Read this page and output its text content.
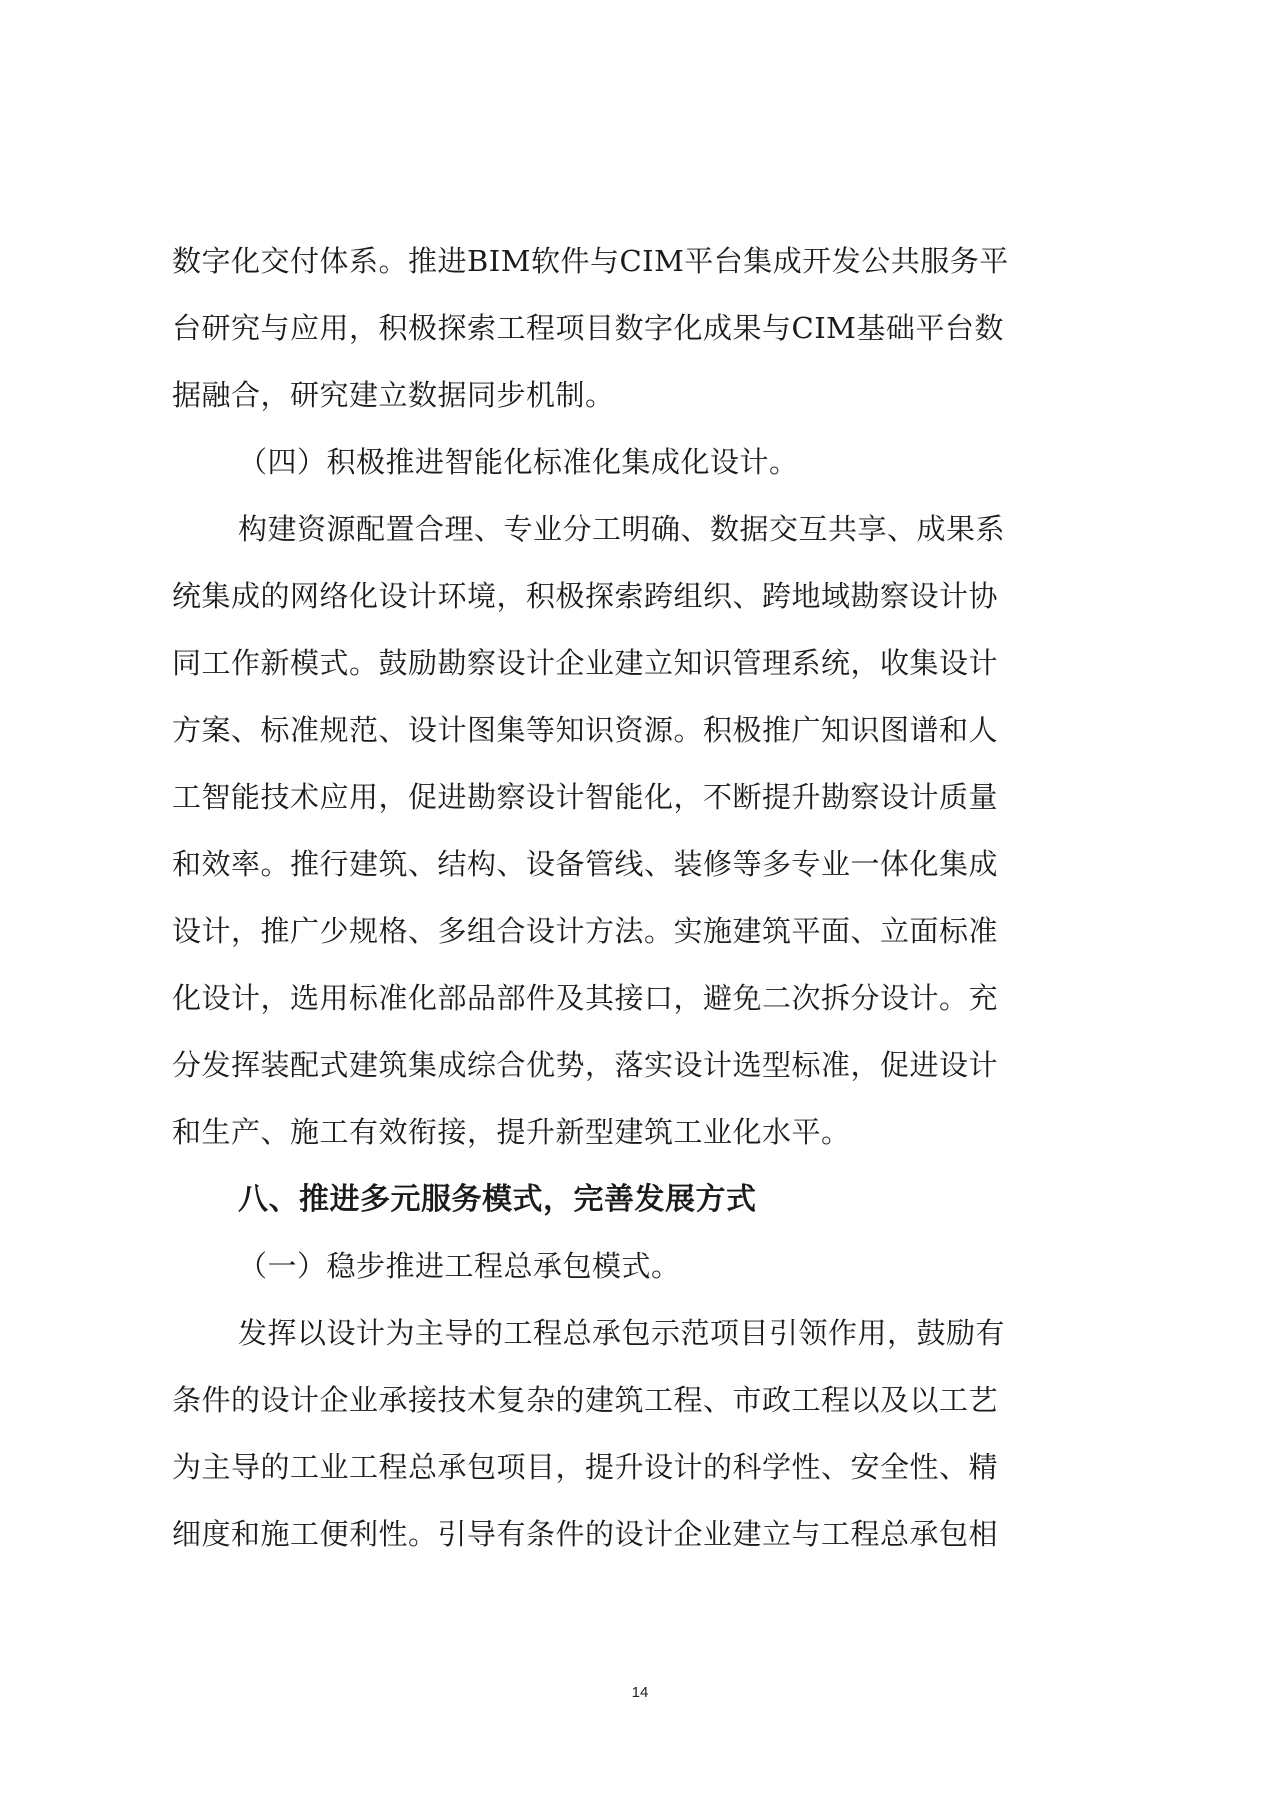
数字化交付体系。推进BIM软件与CIM平台集成开发公共服务平
台研究与应用，积极探索工程项目数字化成果与CIM基础平台数
据融合，研究建立数据同步机制。
（四）积极推进智能化标准化集成化设计。
构建资源配置合理、专业分工明确、数据交互共享、成果系
统集成的网络化设计环境，积极探索跨组织、跨地域勘察设计协
同工作新模式。鼓励勘察设计企业建立知识管理系统，收集设计
方案、标准规范、设计图集等知识资源。积极推广知识图谱和人
工智能技术应用，促进勘察设计智能化，不断提升勘察设计质量
和效率。推行建筑、结构、设备管线、装修等多专业一体化集成
设计，推广少规格、多组合设计方法。实施建筑平面、立面标准
化设计，选用标准化部品部件及其接口，避免二次拆分设计。充
分发挥装配式建筑集成综合优势，落实设计选型标准，促进设计
和生产、施工有效衔接，提升新型建筑工业化水平。
八、推进多元服务模式，完善发展方式
（一）稳步推进工程总承包模式。
发挥以设计为主导的工程总承包示范项目引领作用，鼓励有
条件的设计企业承接技术复杂的建筑工程、市政工程以及以工艺
为主导的工业工程总承包项目，提升设计的科学性、安全性、精
细度和施工便利性。引导有条件的设计企业建立与工程总承包相
14
